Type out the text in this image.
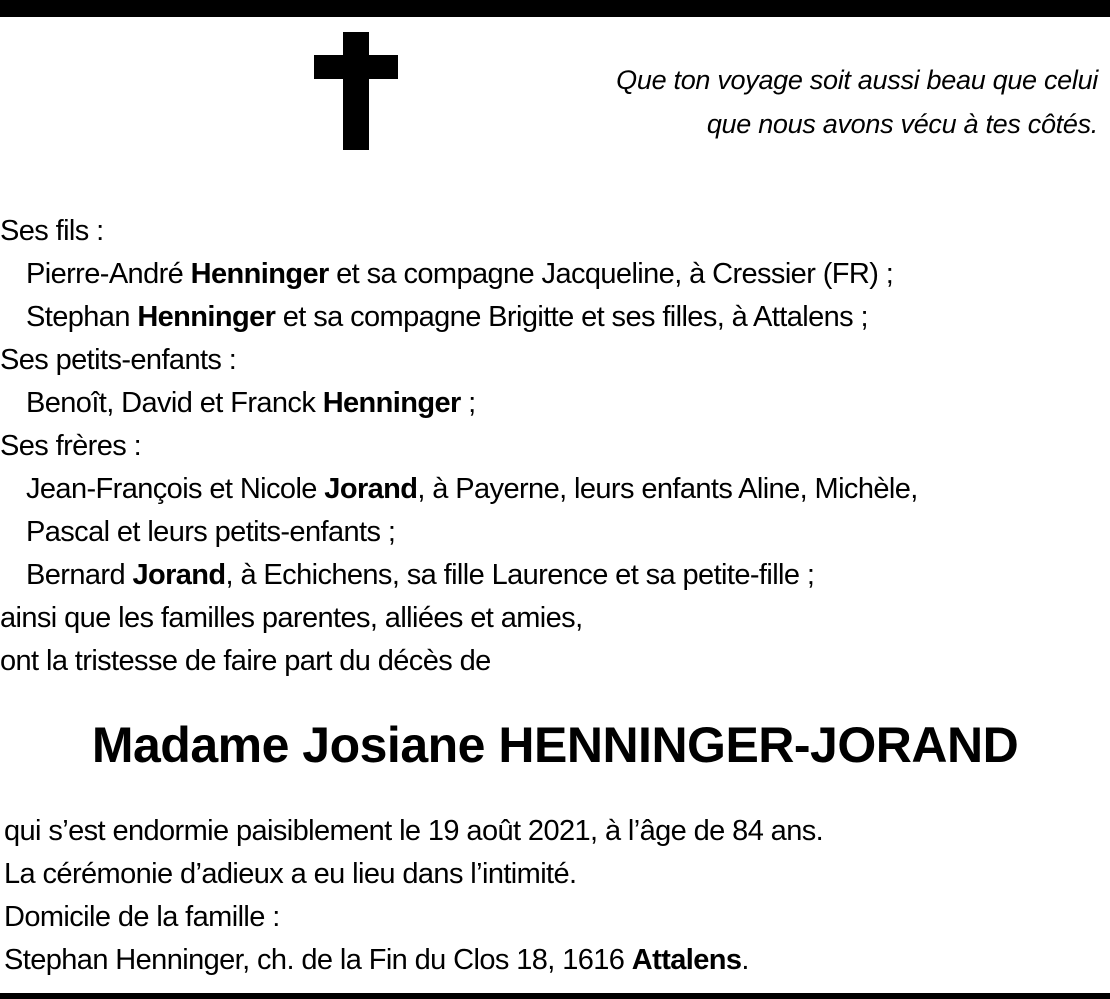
Que ton voyage soit aussi beau que celui
que nous avons vécu à tes côtés.
Ses fils :
Pierre-André Henninger et sa compagne Jacqueline, à Cressier (FR) ;
Stephan Henninger et sa compagne Brigitte et ses filles, à Attalens ;
Ses petits-enfants :
Benoît, David et Franck Henninger ;
Ses frères :
Jean-François et Nicole Jorand, à Payerne, leurs enfants Aline, Michèle,
Pascal et leurs petits-enfants ;
Bernard Jorand, à Echichens, sa fille Laurence et sa petite-fille ;
ainsi que les familles parentes, alliées et amies,
ont la tristesse de faire part du décès de
Madame Josiane HENNINGER-JORAND
qui s’est endormie paisiblement le 19 août 2021, à l’âge de 84 ans.
La cérémonie d’adieux a eu lieu dans l’intimité.
Domicile de la famille :
Stephan Henninger, ch. de la Fin du Clos 18, 1616 Attalens.
